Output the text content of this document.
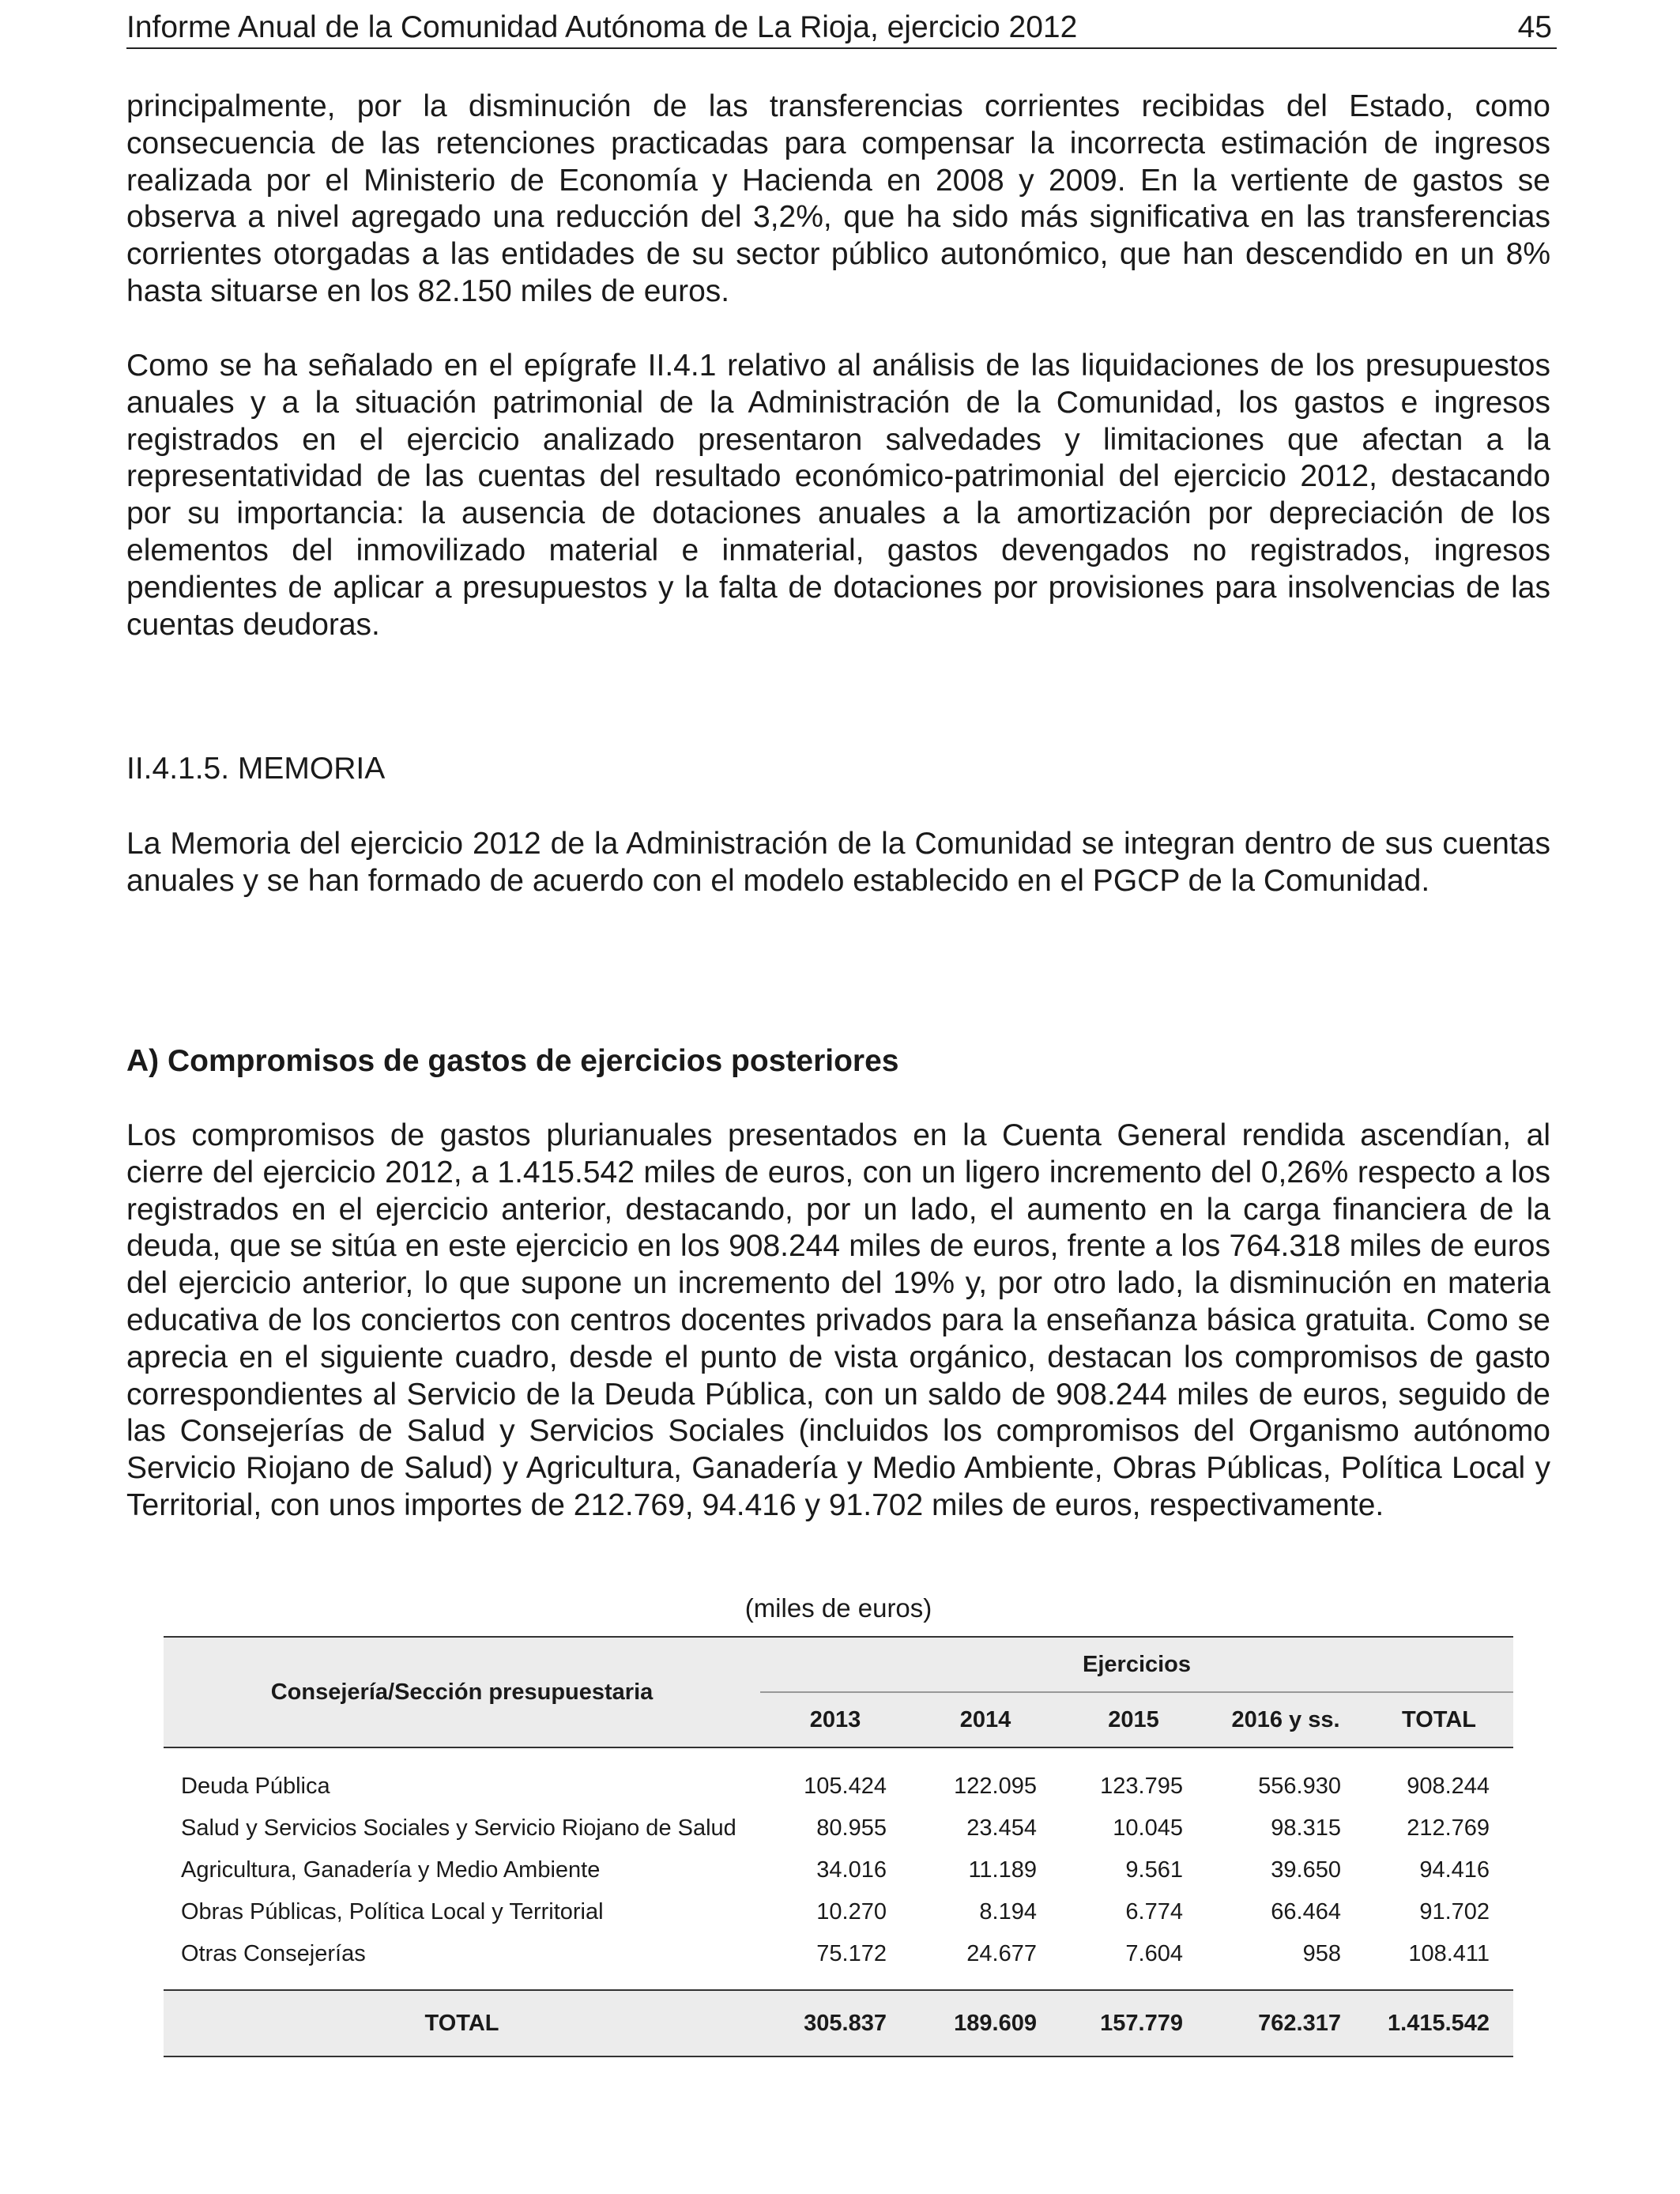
Informe Anual de la Comunidad Autónoma de La Rioja, ejercicio 2012	45

principalmente, por la disminución de las transferencias corrientes recibidas del Estado, como consecuencia de las retenciones practicadas para compensar la incorrecta estimación de ingresos realizada por el Ministerio de Economía y Hacienda en 2008 y 2009. En la vertiente de gastos se observa a nivel agregado una reducción del 3,2%, que ha sido más significativa en las transferencias corrientes otorgadas a las entidades de su sector público autonómico, que han descendido en un 8% hasta situarse en los 82.150 miles de euros.

Como se ha señalado en el epígrafe II.4.1 relativo al análisis de las liquidaciones de los presupuestos anuales y a la situación patrimonial de la Administración de la Comunidad, los gastos e ingresos registrados en el ejercicio analizado presentaron salvedades y limitaciones que afectan a la representatividad de las cuentas del resultado económico-patrimonial del ejercicio 2012, destacando por su importancia: la ausencia de dotaciones anuales a la amortización por depreciación de los elementos del inmovilizado material e inmaterial, gastos devengados no registrados, ingresos pendientes de aplicar a presupuestos y la falta de dotaciones por provisiones para insolvencias de las cuentas deudoras.

II.4.1.5. MEMORIA

La Memoria del ejercicio 2012 de la Administración de la Comunidad se integran dentro de sus cuentas anuales y se han formado de acuerdo con el modelo establecido en el PGCP de la Comunidad.

A) Compromisos de gastos de ejercicios posteriores

Los compromisos de gastos plurianuales presentados en la Cuenta General rendida ascendían, al cierre del ejercicio 2012, a 1.415.542 miles de euros, con un ligero incremento del 0,26% respecto a los registrados en el ejercicio anterior, destacando, por un lado, el aumento en la carga financiera de la deuda, que se sitúa en este ejercicio en los 908.244 miles de euros, frente a los 764.318 miles de euros del ejercicio anterior, lo que supone un incremento del 19% y, por otro lado, la disminución en materia educativa de los conciertos con centros docentes privados para la enseñanza básica gratuita. Como se aprecia en el siguiente cuadro, desde el punto de vista orgánico, destacan los compromisos de gasto correspondientes al Servicio de la Deuda Pública, con un saldo de 908.244 miles de euros, seguido de las Consejerías de Salud y Servicios Sociales (incluidos los compromisos del Organismo autónomo Servicio Riojano de Salud) y Agricultura, Ganadería y Medio Ambiente, Obras Públicas, Política Local y Territorial, con unos importes de 212.769, 94.416 y 91.702 miles de euros, respectivamente.

(miles de euros)
Consejería/Sección presupuestaria	Ejercicios				
	2013	2014	2015	2016 y ss.	TOTAL
Deuda Pública	105.424	122.095	123.795	556.930	908.244
Salud y Servicios Sociales y Servicio Riojano de Salud	80.955	23.454	10.045	98.315	212.769
Agricultura, Ganadería y Medio Ambiente	34.016	11.189	9.561	39.650	94.416
Obras Públicas, Política Local y Territorial	10.270	8.194	6.774	66.464	91.702
Otras Consejerías	75.172	24.677	7.604	958	108.411

TOTAL	305.837	189.609	157.779	762.317	1.415.542
